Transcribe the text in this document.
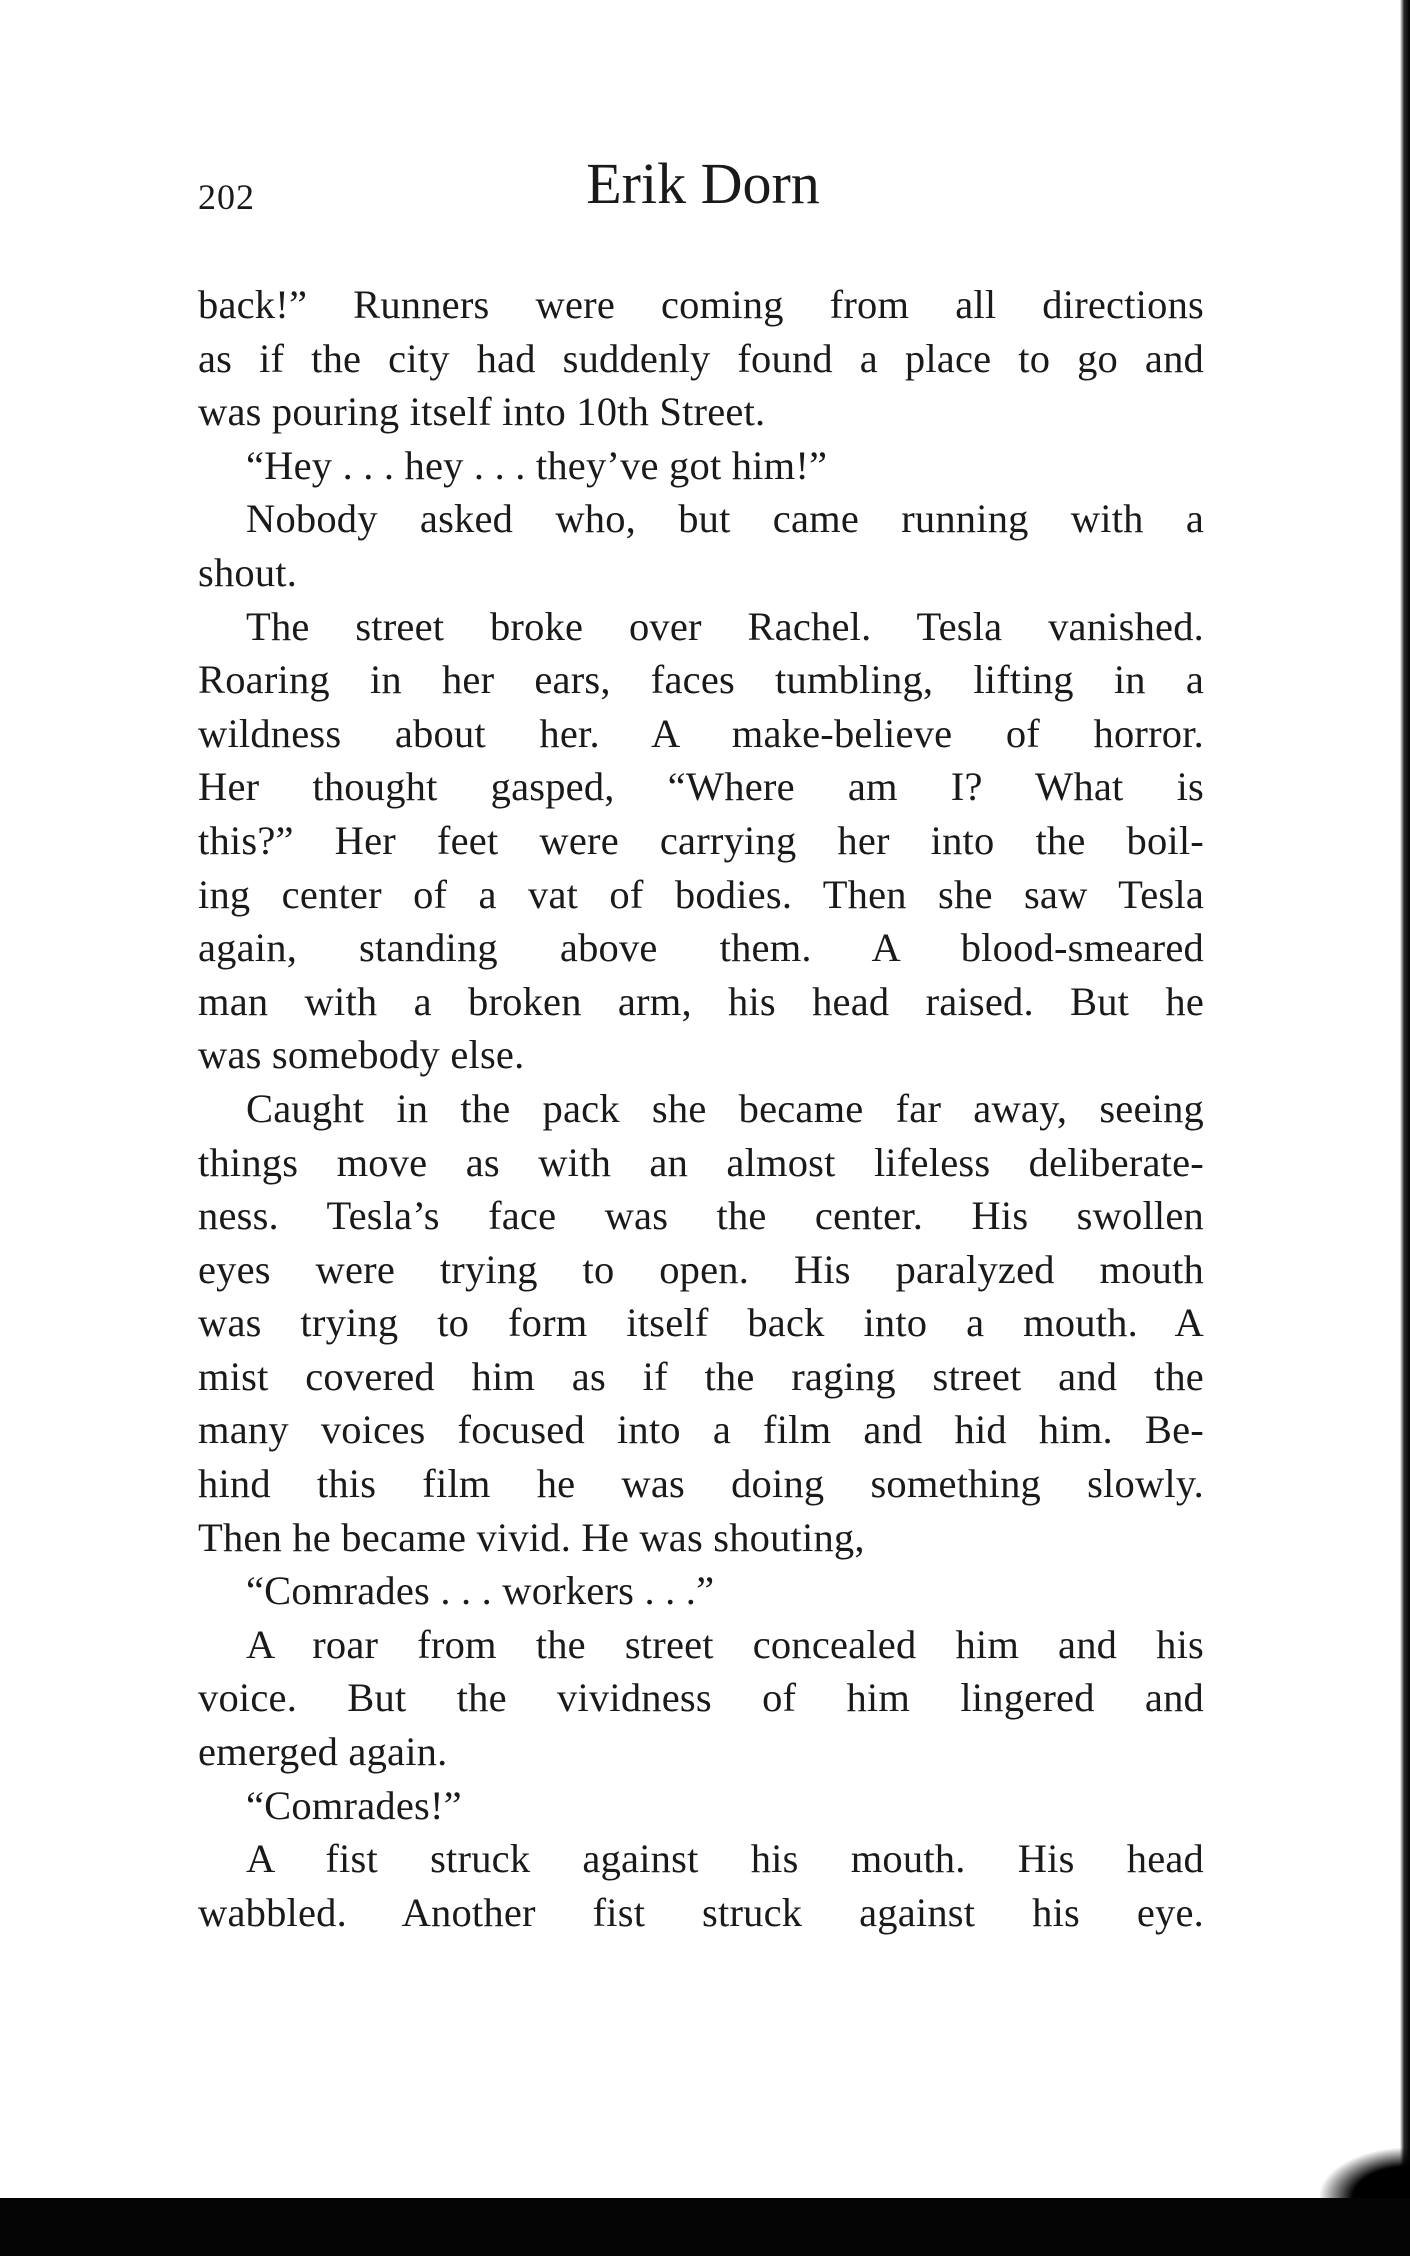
202	Erik Dorn
back!” Runners were coming from all directions
as if the city had suddenly found a place to go and
was pouring itself into 10th Street.
“Hey . . . hey . . . they’ve got him!”
Nobody asked who, but came running with a
shout.
The street broke over Rachel. Tesla vanished.
Roaring in her ears, faces tumbling, lifting in a
wildness about her. A make-believe of horror.
Her thought gasped, “Where am I? What is
this?” Her feet were carrying her into the boil-
ing center of a vat of bodies. Then she saw Tesla
again, standing above them. A blood-smeared
man with a broken arm, his head raised. But he
was somebody else.
Caught in the pack she became far away, seeing
things move as with an almost lifeless deliberate-
ness. Tesla’s face was the center. His swollen
eyes were trying to open. His paralyzed mouth
was trying to form itself back into a mouth. A
mist covered him as if the raging street and the
many voices focused into a film and hid him. Be-
hind this film he was doing something slowly.
Then he became vivid. He was shouting,
“Comrades . . . workers . . .”
A roar from the street concealed him and his
voice. But the vividness of him lingered and
emerged again.
“Comrades!”
A fist struck against his mouth. His head
wabbled. Another fist struck against his eye.
